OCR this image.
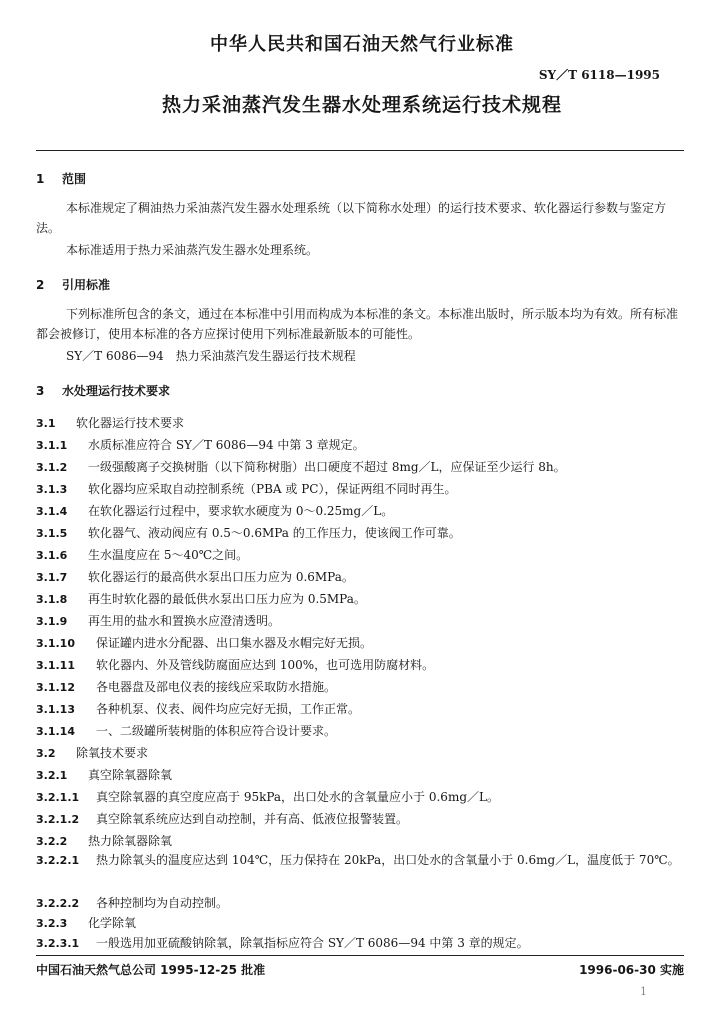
中华人民共和国石油天然气行业标准
SY／T 6118—1995
热力采油蒸汽发生器水处理系统运行技术规程
1 范围
本标准规定了稠油热力采油蒸汽发生器水处理系统（以下简称水处理）的运行技术要求、软化器运行参数与鉴定方法。
本标准适用于热力采油蒸汽发生器水处理系统。
2 引用标准
下列标准所包含的条文，通过在本标准中引用而构成为本标准的条文。本标准出版时，所示版本均为有效。所有标准都会被修订，使用本标准的各方应探讨使用下列标准最新版本的可能性。
SY／T 6086—94　热力采油蒸汽发生器运行技术规程
3 水处理运行技术要求
3.1 软化器运行技术要求
3.1.1 水质标准应符合 SY／T 6086—94 中第 3 章规定。
3.1.2 一级强酸离子交换树脂（以下简称树脂）出口硬度不超过 8mg／L，应保证至少运行 8h。
3.1.3 软化器均应采取自动控制系统（PBA 或 PC），保证两组不同时再生。
3.1.4 在软化器运行过程中，要求软水硬度为 0～0.25mg／L。
3.1.5 软化器气、液动阀应有 0.5～0.6MPa 的工作压力，使该阀工作可靠。
3.1.6 生水温度应在 5～40℃之间。
3.1.7 软化器运行的最高供水泵出口压力应为 0.6MPa。
3.1.8 再生时软化器的最低供水泵出口压力应为 0.5MPa。
3.1.9 再生用的盐水和置换水应澄清透明。
3.1.10 保证罐内进水分配器、出口集水器及水帽完好无损。
3.1.11 软化器内、外及管线防腐面应达到 100%，也可选用防腐材料。
3.1.12 各电器盘及部电仪表的接线应采取防水措施。
3.1.13 各种机泵、仪表、阀件均应完好无损，工作正常。
3.1.14 一、二级罐所装树脂的体积应符合设计要求。
3.2 除氧技术要求
3.2.1 真空除氧器除氧
3.2.1.1 真空除氧器的真空度应高于 95kPa，出口处水的含氧量应小于 0.6mg／L。
3.2.1.2 真空除氧系统应达到自动控制，并有高、低液位报警装置。
3.2.2 热力除氧器除氧
3.2.2.1 热力除氧头的温度应达到 104℃，压力保持在 20kPa，出口处水的含氧量小于 0.6mg／L，温度低于 70℃。
3.2.2.2 各种控制均为自动控制。
3.2.3 化学除氧
3.2.3.1 一般选用加亚硫酸钠除氧，除氧指标应符合 SY／T 6086—94 中第 3 章的规定。
中国石油天然气总公司 1995-12-25 批准	1996-06-30 实施
1
